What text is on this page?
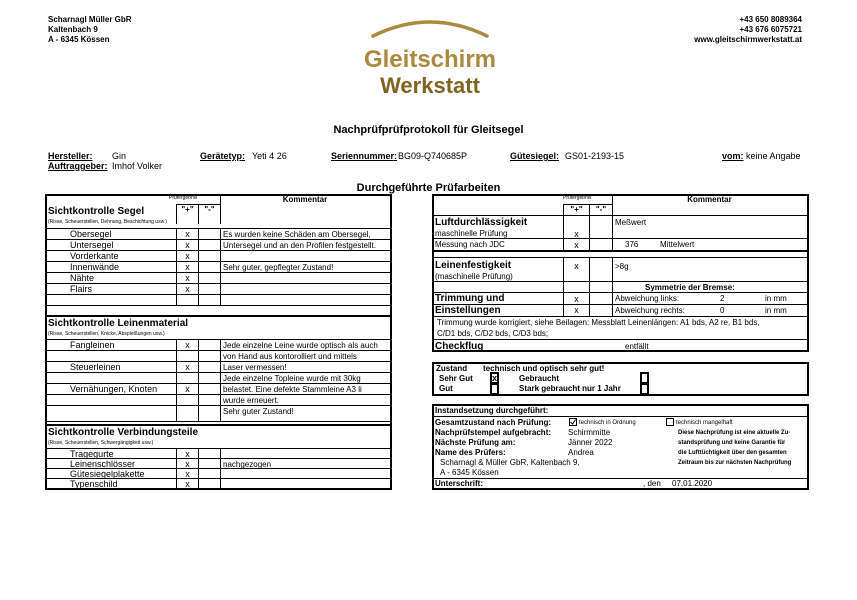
Scharnagl Müller GbR
Kaltenbach 9
A - 6345 Kössen
+43 650 8089364
+43 676 6075721
www.gleitschirmwerkstatt.at
Gleitschirm
Werkstatt
Nachprüfprüfprotokoll für Gleitsegel
Hersteller: Gin	Gerätetyp: Yeti 4 26	Seriennummer: BG09-Q740685P	Gütesiegel: GS01-2193-15	vom: keine Angabe
Auftraggeber: Imhof Volker
Durchgeführte Prüfarbeiten
Prüfergebnis	Kommentar
Sichtkontrolle Segel	"+"	"-"
(Risse, Scheuerstellen, Dehnung, Beschichtung usw.)
Obersegel	x	Es wurden keine Schäden am Obersegel,
Untersegel	x	Untersegel und an den Profilen festgestellt.
Vorderkante	x
Innenwände	x	Sehr guter, gepflegter Zustand!
Nähte	x
Flairs	x
Sichtkontrolle Leinenmaterial
(Risse, Scheuerstellen, Knicke, Abspleißungen usw.)
Fangleinen	x	Jede einzelne Leine wurde optisch als auch
von Hand aus kontorolliert und mittels
Steuerleinen	x	Laser vermessen!
Jede einzelne Topleine wurde mit 30kg
Vernähungen, Knoten	x	belastet. Eine defekte Stammleine A3 li
wurde erneuert.
Sehr guter Zustand!
Sichtkontrolle Verbindungsteile
(Risse, Scheuerstellen, Schwergängigkeit usw.)
Tragegurte	x
Leinenschlösser	x	nachgezogen
Gütesiegelplakette	x
Typenschild	x
Prüfergebnis	Kommentar
"+"	"-"
Luftdurchlässigkeit	Meßwert
maschinelle Prüfung	x
Messung nach JDC	x	376	Mittelwert
Leinenfestigkeit	x	>8g
(maschinelle Prüfung)
Symmetrie der Bremse:
Trimmung und	x	Abweichung links:	2	in mm
Einstellungen	x	Abweichung rechts:	0	in mm
Trimmung wurde korrigiert, siehe Beilagen: Messblatt Leinenlängen: A1 bds, A2 re, B1 bds,
C/D1 bds, C/D2 bds, C/D3 bds;
Checkflug	entfällt
Zustand technisch und optisch sehr gut!
Sehr Gut x	Gebraucht
Gut	Stark gebraucht nur 1 Jahr
Instandsetzung durchgeführt:
Gesamtzustand nach Prüfung:	technisch in Ordnung	technisch mangelhaft
Nachprüfstempel aufgebracht: Schirmmitte
Nächste Prüfung am:	Jänner 2022
Name des Prüfers:	Andrea
Scharnagl & Müller GbR, Kaltenbach 9,
A - 6345 Kössen
Unterschrift:	, den 07.01.2020
Diese Nachprüfung ist eine aktuelle Zu-
standsprüfung und keine Garantie für
die Lufttüchtigkeit über den gesamten
Zeitraum bis zur nächsten Nachprüfung
